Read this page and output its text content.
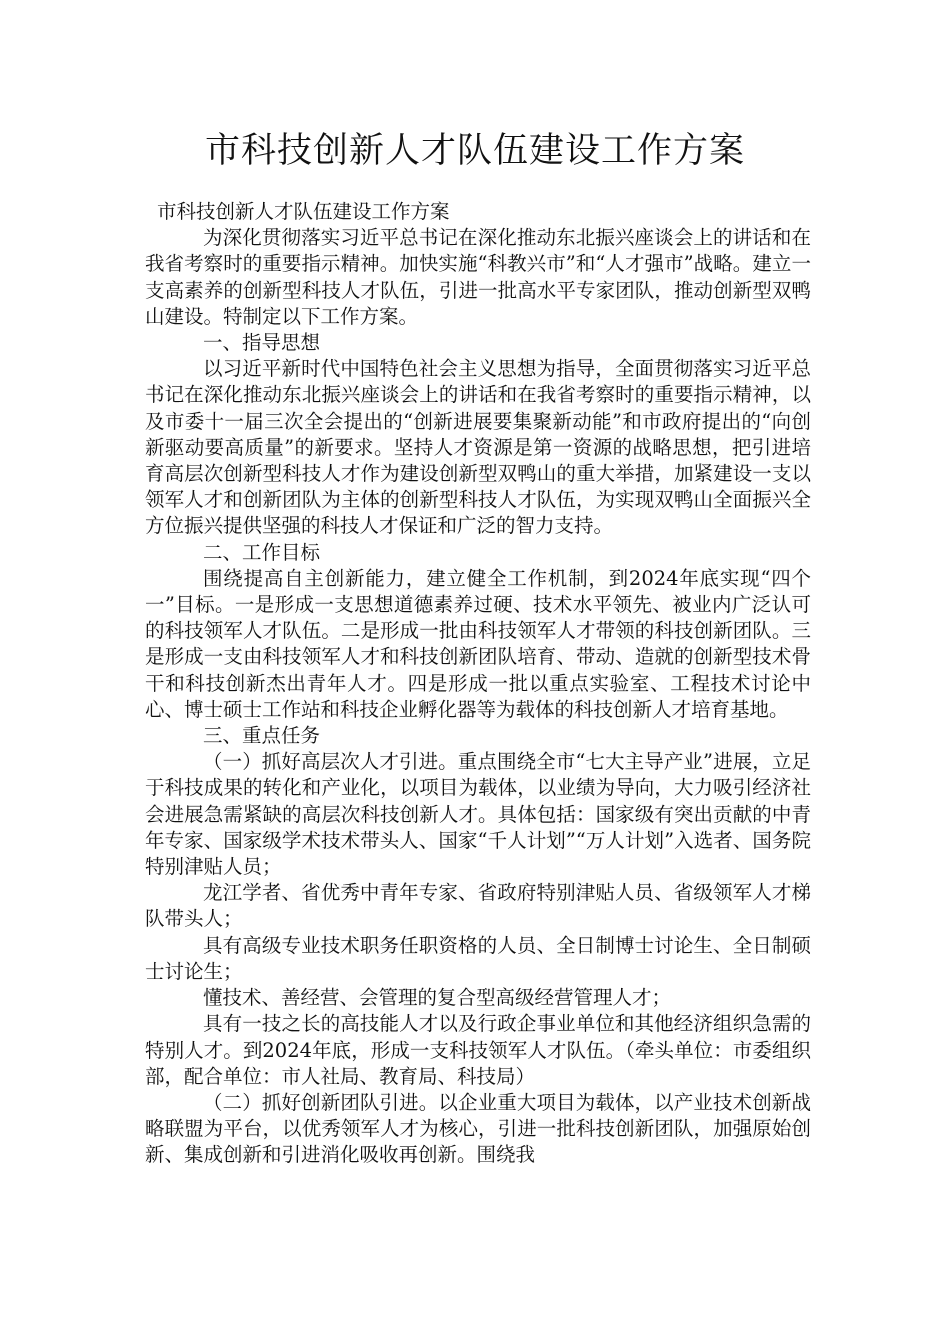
市科技创新人才队伍建设工作方案

市科技创新人才队伍建设工作方案

为深化贯彻落实习近平总书记在深化推动东北振兴座谈会上的讲话和在我省考察时的重要指示精神。加快实施“科教兴市”和“人才强市”战略。建立一支高素养的创新型科技人才队伍，引进一批高水平专家团队，推动创新型双鸭山建设。特制定以下工作方案。

一、指导思想

以习近平新时代中国特色社会主义思想为指导，全面贯彻落实习近平总书记在深化推动东北振兴座谈会上的讲话和在我省考察时的重要指示精神，以及市委十一届三次全会提出的“创新进展要集聚新动能”和市政府提出的“向创新驱动要高质量”的新要求。坚持人才资源是第一资源的战略思想，把引进培育高层次创新型科技人才作为建设创新型双鸭山的重大举措，加紧建设一支以领军人才和创新团队为主体的创新型科技人才队伍，为实现双鸭山全面振兴全方位振兴提供坚强的科技人才保证和广泛的智力支持。

二、工作目标

围绕提高自主创新能力，建立健全工作机制，到2024年底实现“四个一”目标。一是形成一支思想道德素养过硬、技术水平领先、被业内广泛认可的科技领军人才队伍。二是形成一批由科技领军人才带领的科技创新团队。三是形成一支由科技领军人才和科技创新团队培育、带动、造就的创新型技术骨干和科技创新杰出青年人才。四是形成一批以重点实验室、工程技术讨论中心、博士硕士工作站和科技企业孵化器等为载体的科技创新人才培育基地。

三、重点任务

（一）抓好高层次人才引进。重点围绕全市“七大主导产业”进展，立足于科技成果的转化和产业化，以项目为载体，以业绩为导向，大力吸引经济社会进展急需紧缺的高层次科技创新人才。具体包括：国家级有突出贡献的中青年专家、国家级学术技术带头人、国家“千人计划”“万人计划”入选者、国务院特别津贴人员；

龙江学者、省优秀中青年专家、省政府特别津贴人员、省级领军人才梯队带头人；

具有高级专业技术职务任职资格的人员、全日制博士讨论生、全日制硕士讨论生；

懂技术、善经营、会管理的复合型高级经营管理人才；

具有一技之长的高技能人才以及行政企事业单位和其他经济组织急需的特别人才。到2024年底，形成一支科技领军人才队伍。（牵头单位：市委组织部，配合单位：市人社局、教育局、科技局）

（二）抓好创新团队引进。以企业重大项目为载体，以产业技术创新战略联盟为平台，以优秀领军人才为核心，引进一批科技创新团队，加强原始创新、集成创新和引进消化吸收再创新。围绕我
